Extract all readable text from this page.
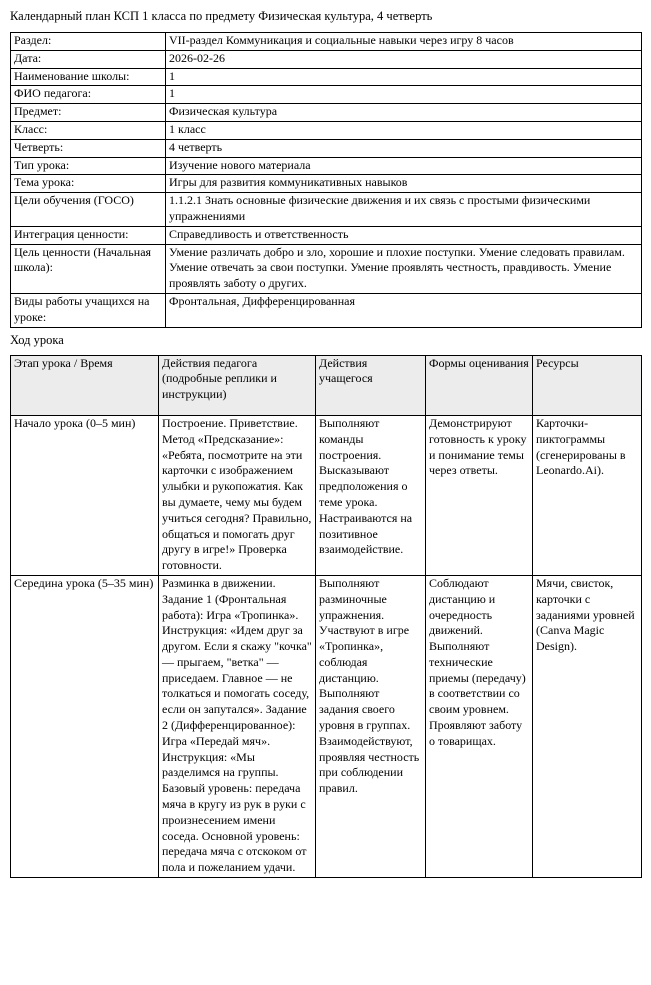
Календарный план КСП 1 класса по предмету Физическая культура, 4 четверть
Раздел:	VII-раздел Коммуникация и социальные навыки через игру 8 часов
Дата:	2026-02-26
Наименование школы:	1
ФИО педагога:	1
Предмет:	Физическая культура
Класс:	1 класс
Четверть:	4 четверть
Тип урока:	Изучение нового материала
Тема урока:	Игры для развития коммуникативных навыков
Цели обучения (ГОСО)	1.1.2.1 Знать основные физические движения и их связь с простыми физическими упражнениями
Интеграция ценности:	Справедливость и ответственность
Цель ценности (Начальная школа):	Умение различать добро и зло, хорошие и плохие поступки. Умение следовать правилам. Умение отвечать за свои поступки. Умение проявлять честность, правдивость. Умение проявлять заботу о других.
Виды работы учащихся на уроке:	Фронтальная, Дифференцированная
Ход урока
Этап урока / Время	Действия педагога (подробные реплики и инструкции)	Действия учащегося	Формы оценивания	Ресурсы
Начало урока (0–5 мин)	Построение. Приветствие. Метод «Предсказание»: «Ребята, посмотрите на эти карточки с изображением улыбки и рукопожатия. Как вы думаете, чему мы будем учиться сегодня? Правильно, общаться и помогать друг другу в игре!» Проверка готовности.	Выполняют команды построения. Высказывают предположения о теме урока. Настраиваются на позитивное взаимодействие.	Демонстрируют готовность к уроку и понимание темы через ответы.	Карточки-пиктограммы (сгенерированы в Leonardo.Ai).
Середина урока (5–35 мин)	Разминка в движении. Задание 1 (Фронтальная работа): Игра «Тропинка». Инструкция: «Идем друг за другом. Если я скажу "кочка" — прыгаем, "ветка" — приседаем. Главное — не толкаться и помогать соседу, если он запутался». Задание 2 (Дифференцированное): Игра «Передай мяч». Инструкция: «Мы разделимся на группы. Базовый уровень: передача мяча в кругу из рук в руки с произнесением имени соседа. Основной уровень: передача мяча с отскоком от пола и пожеланием удачи.	Выполняют разминочные упражнения. Участвуют в игре «Тропинка», соблюдая дистанцию. Выполняют задания своего уровня в группах. Взаимодействуют, проявляя честность при соблюдении правил.	Соблюдают дистанцию и очередность движений. Выполняют технические приемы (передачу) в соответствии со своим уровнем. Проявляют заботу о товарищах.	Мячи, свисток, карточки с заданиями уровней (Canva Magic Design).
